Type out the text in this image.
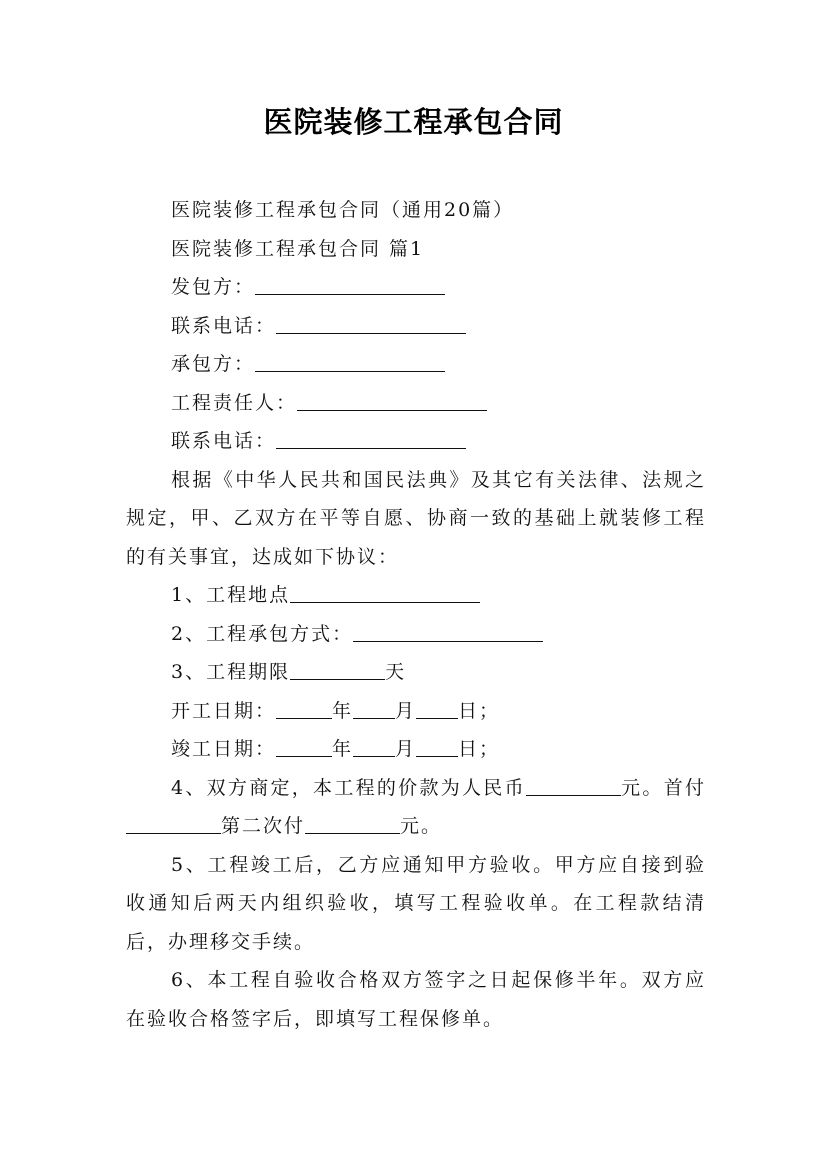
医院装修工程承包合同

医院装修工程承包合同（通用20篇）

医院装修工程承包合同 篇1

发包方：

联系电话：

承包方：

工程责任人：

联系电话：

根据《中华人民共和国民法典》及其它有关法律、法规之规定，甲、乙双方在平等自愿、协商一致的基础上就装修工程的有关事宜，达成如下协议：

1、工程地点

2、工程承包方式：

3、工程期限	天

开工日期：	年 月 日；

竣工日期：	年 月 日；

4、双方商定，本工程的价款为人民币	元。首付第二次付	元。

5、工程竣工后，乙方应通知甲方验收。甲方应自接到验收通知后两天内组织验收，填写工程验收单。在工程款结清后，办理移交手续。

6、本工程自验收合格双方签字之日起保修半年。双方应在验收合格签字后，即填写工程保修单。
